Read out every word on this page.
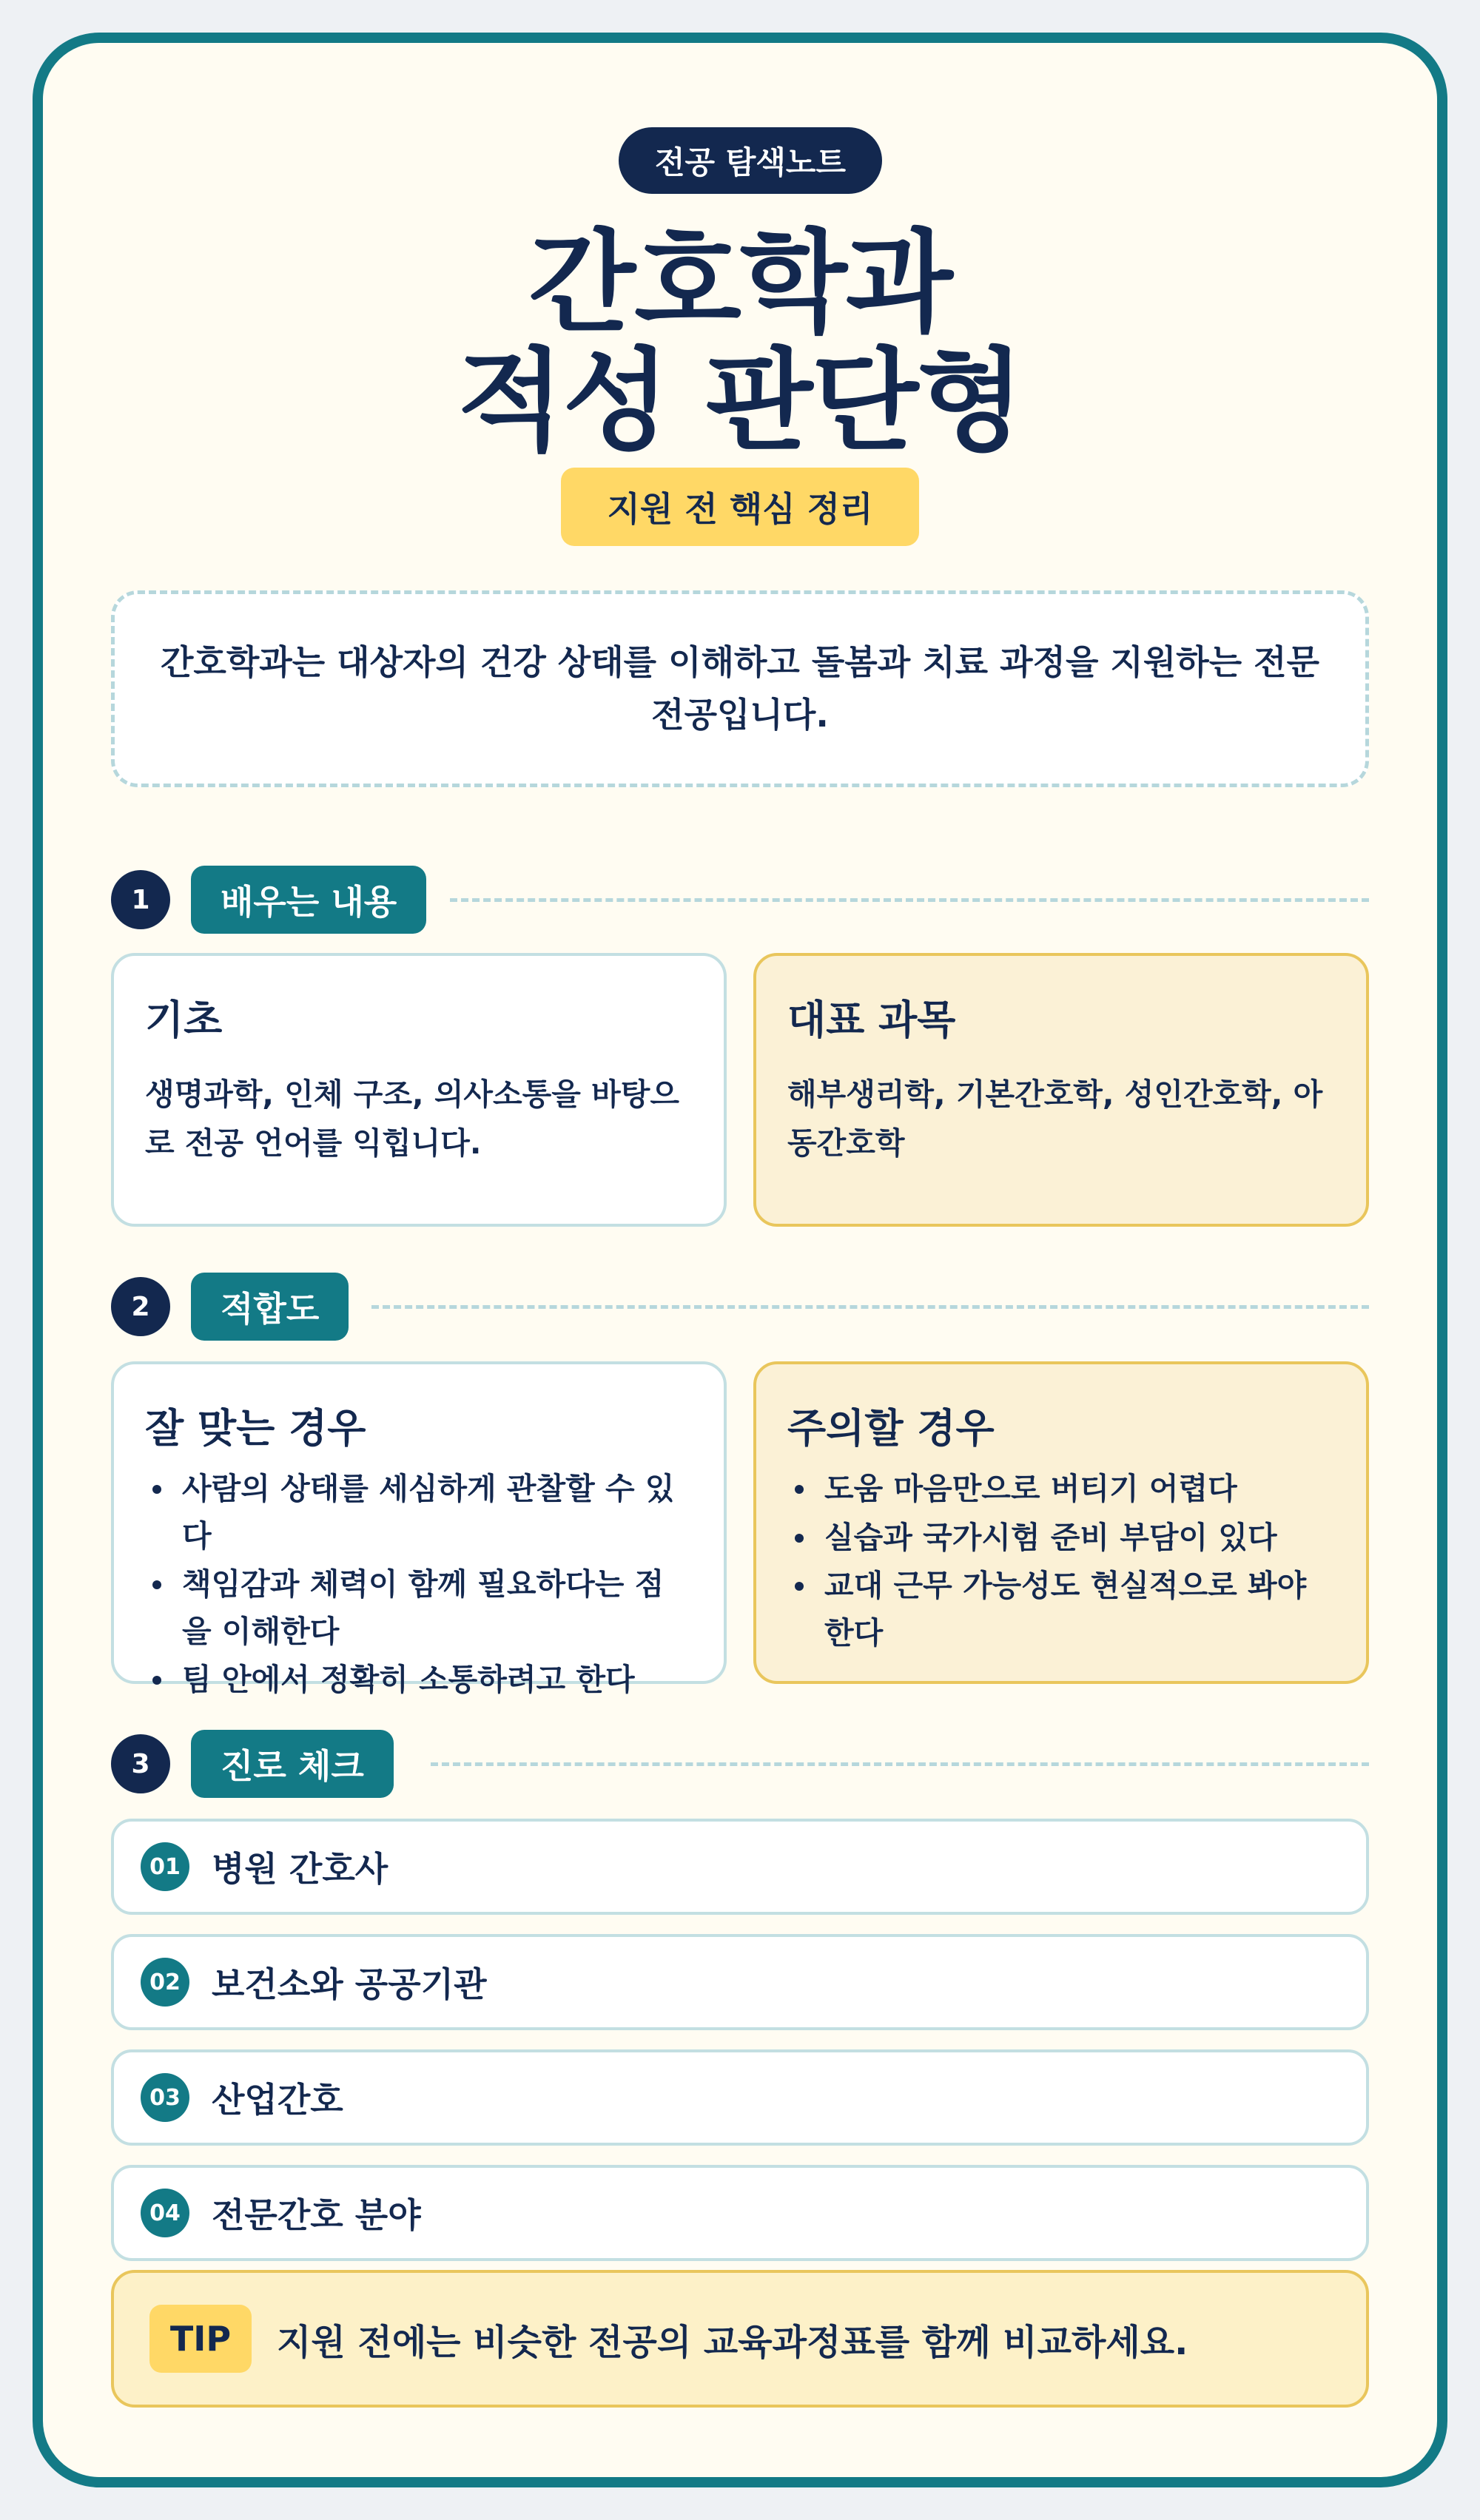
전공 탐색노트
간호학과
적성 판단형
지원 전 핵심 정리

간호학과는 대상자의 건강 상태를 이해하고 돌봄과 치료 과정을 지원하는 전문 전공입니다.

1	배우는 내용
기초

생명과학, 인체 구조, 의사소통을 바탕으로 전공 언어를 익힙니다.

대표 과목

해부생리학, 기본간호학, 성인간호학, 아동간호학

2	적합도
잘 맞는 경우
사람의 상태를 세심하게 관찰할 수 있다
책임감과 체력이 함께 필요하다는 점을 이해한다
팀 안에서 정확히 소통하려고 한다
주의할 경우
도움 마음만으로 버티기 어렵다
실습과 국가시험 준비 부담이 있다
교대 근무 가능성도 현실적으로 봐야 한다
3	진로 체크
01 병원 간호사
02 보건소와 공공기관
03 산업간호
04 전문간호 분야
TIP	지원 전에는 비슷한 전공의 교육과정표를 함께 비교하세요.
